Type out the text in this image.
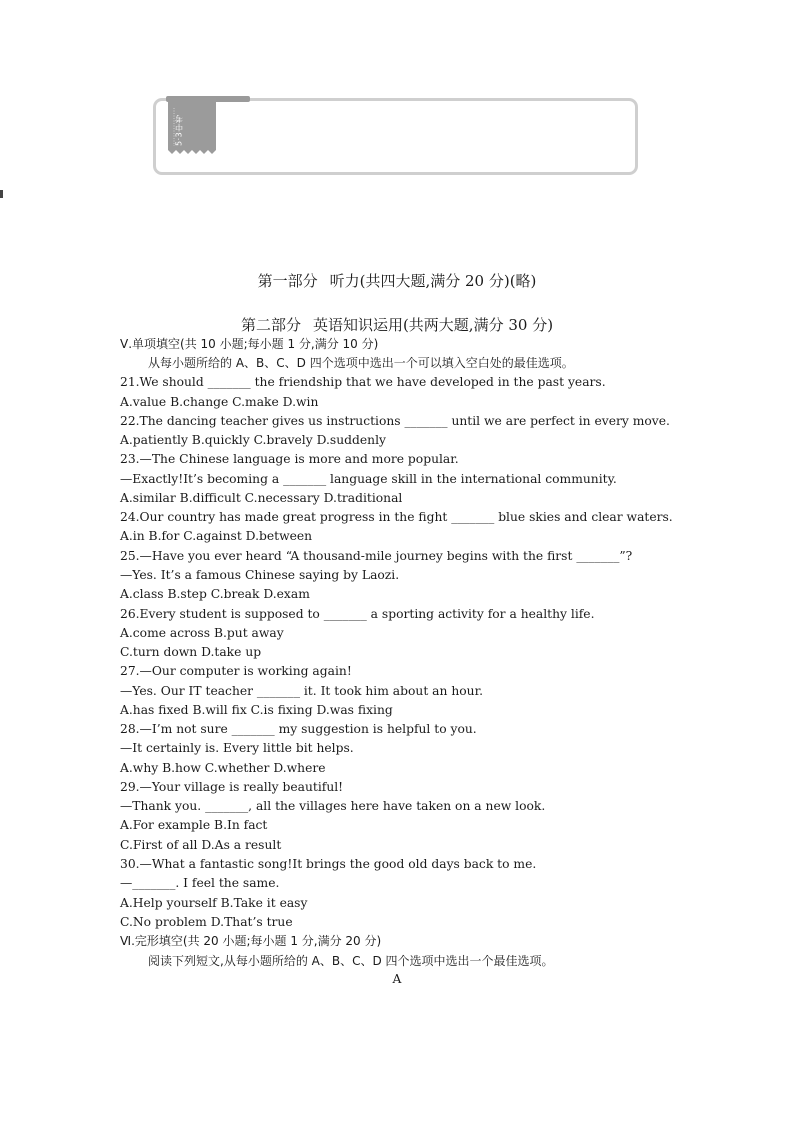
5·3中考
第一部分 听力(共四大题,满分 20 分)(略)
第二部分 英语知识运用(共两大题,满分 30 分)
Ⅴ.单项填空(共 10 小题;每小题 1 分,满分 10 分)
从每小题所给的 A、B、C、D 四个选项中选出一个可以填入空白处的最佳选项。
21.We should _______ the friendship that we have developed in the past years.
A.value B.change C.make D.win
22.The dancing teacher gives us instructions _______ until we are perfect in every move.
A.patiently B.quickly C.bravely D.suddenly
23.—The Chinese language is more and more popular.
—Exactly!It’s becoming a _______ language skill in the international community.
A.similar B.difficult C.necessary D.traditional
24.Our country has made great progress in the fight _______ blue skies and clear waters.
A.in B.for C.against D.between
25.—Have you ever heard “A thousand-mile journey begins with the first _______”?
—Yes. It’s a famous Chinese saying by Laozi.
A.class B.step C.break D.exam
26.Every student is supposed to _______ a sporting activity for a healthy life.
A.come across B.put away
C.turn down D.take up
27.—Our computer is working again!
—Yes. Our IT teacher _______ it. It took him about an hour.
A.has fixed B.will fix C.is fixing D.was fixing
28.—I’m not sure _______ my suggestion is helpful to you.
—It certainly is. Every little bit helps.
A.why B.how C.whether D.where
29.—Your village is really beautiful!
—Thank you. _______, all the villages here have taken on a new look.
A.For example B.In fact
C.First of all D.As a result
30.—What a fantastic song!It brings the good old days back to me.
—_______. I feel the same.
A.Help yourself B.Take it easy
C.No problem D.That’s true
Ⅵ.完形填空(共 20 小题;每小题 1 分,满分 20 分)
阅读下列短文,从每小题所给的 A、B、C、D 四个选项中选出一个最佳选项。
A
